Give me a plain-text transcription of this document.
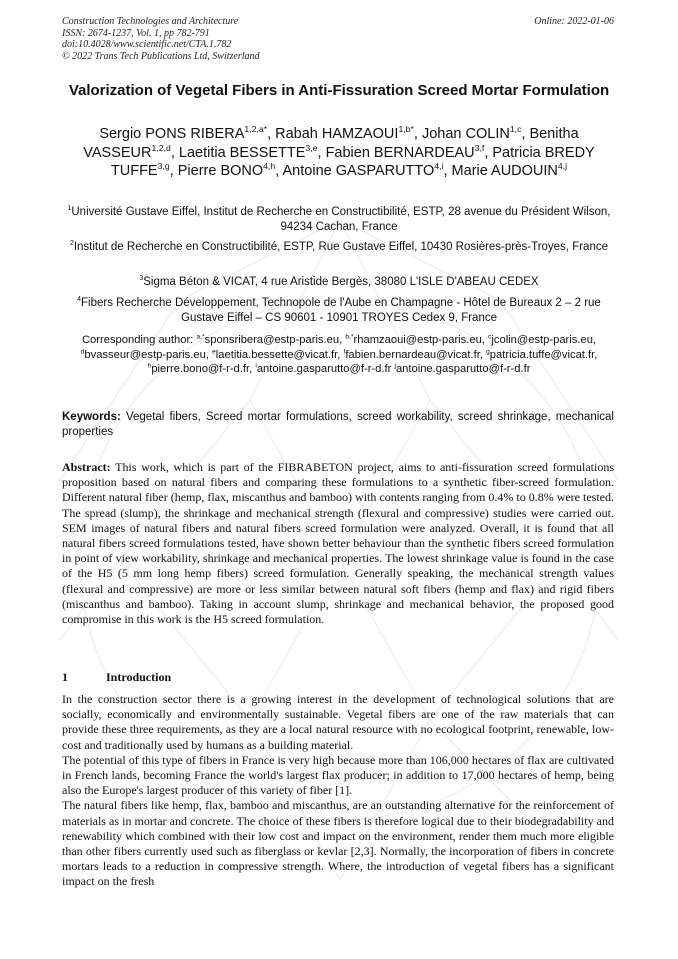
Construction Technologies and Architecture
ISSN: 2674-1237, Vol. 1, pp 782-791
doi:10.4028/www.scientific.net/CTA.1.782
© 2022 Trans Tech Publications Ltd, Switzerland
Online: 2022-01-06
Valorization of Vegetal Fibers in Anti-Fissuration Screed Mortar Formulation
Sergio PONS $RIBERA^{1,2,a*}$, Rabah $HAMZAOUI^{1,b*}$, Johan COLIN$^{1,c}$, Benitha VASSEUR$^{1,2,d}$, Laetitia BESSETTE$^{3,e}$, Fabien BERNARDEAU$^{3,f}$, Patricia BREDY TUFFE$^{3,g}$, Pierre BONO$^{4,h}$, Antoine GASPARUTTO$^{4,i}$, Marie AUDOUIN$^{4,j}$
$^1$Université Gustave Eiffel, Institut de Recherche en Constructibilité, ESTP, 28 avenue du Président Wilson, 94234 Cachan, France
$^2$Institut de Recherche en Constructibilité, ESTP, Rue Gustave Eiffel, 10430 Rosières-près-Troyes, France
$^3$Sigma Béton & VICAT, 4 rue Aristide Bergès, 38080 L'ISLE D'ABEAU CEDEX
$^4$Fibers Recherche Développement, Technopole de l'Aube en Champagne - Hôtel de Bureaux 2 – 2 rue Gustave Eiffel – CS 90601 - 10901 TROYES Cedex 9, France
Corresponding author: $^{a,*}$sponsribera@estp-paris.eu, $^{b,*}$rhamzaoui@estp-paris.eu, $^c$jcolin@estp-paris.eu, $^d$bvasseur@estp-paris.eu, $^e$laetitia.bessette@vicat.fr, $^f$fabien.bernardeau@vicat.fr, $^g$patricia.tuffe@vicat.fr, $^h$pierre.bono@f-r-d.fr, $^i$antoine.gasparutto@f-r-d.fr $^j$antoine.gasparutto@f-r-d.fr
Keywords: Vegetal fibers, Screed mortar formulations, screed workability, screed shrinkage, mechanical properties
Abstract: This work, which is part of the FIBRABETON project, aims to anti-fissuration screed formulations proposition based on natural fibers and comparing these formulations to a synthetic fiber-screed formulation. Different natural fiber (hemp, flax, miscanthus and bamboo) with contents ranging from 0.4% to 0.8% were tested. The spread (slump), the shrinkage and mechanical strength (flexural and compressive) studies were carried out. SEM images of natural fibers and natural fibers screed formulation were analyzed. Overall, it is found that all natural fibers screed formulations tested, have shown better behaviour than the synthetic fibers screed formulation in point of view workability, shrinkage and mechanical properties. The lowest shrinkage value is found in the case of the H5 (5 mm long hemp fibers) screed formulation. Generally speaking, the mechanical strength values (flexural and compressive) are more or less similar between natural soft fibers (hemp and flax) and rigid fibers (miscanthus and bamboo). Taking in account slump, shrinkage and mechanical behavior, the proposed good compromise in this work is the H5 screed formulation.
1	Introduction

In the construction sector there is a growing interest in the development of technological solutions that are socially, economically and environmentally sustainable. Vegetal fibers are one of the raw materials that can provide these three requirements, as they are a local natural resource with no ecological footprint, renewable, low-cost and traditionally used by humans as a building material.

The potential of this type of fibers in France is very high because more than 106,000 hectares of flax are cultivated in French lands, becoming France the world's largest flax producer; in addition to 17,000 hectares of hemp, being also the Europe's largest producer of this variety of fiber [1].

The natural fibers like hemp, flax, bamboo and miscanthus, are an outstanding alternative for the reinforcement of materials as in mortar and concrete. The choice of these fibers is therefore logical due to their biodegradability and renewability which combined with their low cost and impact on the environment, render them much more eligible than other fibers currently used such as fiberglass or kevlar [2,3]. Normally, the incorporation of fibers in concrete mortars leads to a reduction in compressive strength. Where, the introduction of vegetal fibers has a significant impact on the fresh
